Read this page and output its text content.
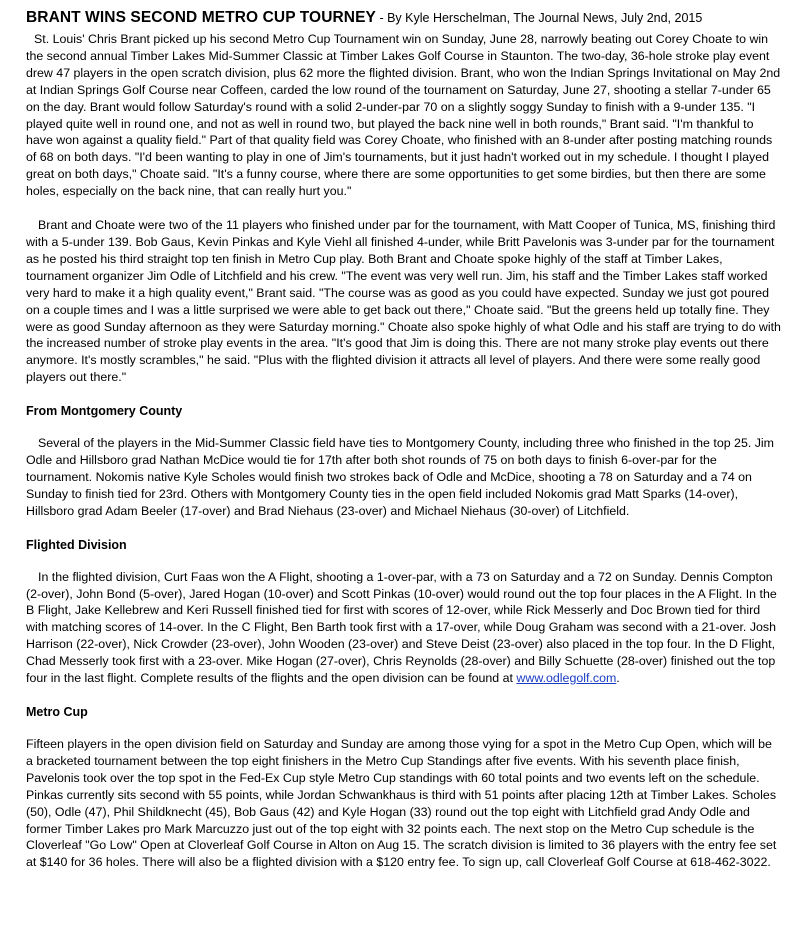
BRANT WINS SECOND METRO CUP TOURNEY - By Kyle Herschelman, The Journal News, July 2nd, 2015

St. Louis' Chris Brant picked up his second Metro Cup Tournament win on Sunday, June 28, narrowly beating out Corey Choate to win the second annual Timber Lakes Mid-Summer Classic at Timber Lakes Golf Course in Staunton. The two-day, 36-hole stroke play event drew 47 players in the open scratch division, plus 62 more the flighted division. Brant, who won the Indian Springs Invitational on May 2nd at Indian Springs Golf Course near Coffeen, carded the low round of the tournament on Saturday, June 27, shooting a stellar 7-under 65 on the day. Brant would follow Saturday's round with a solid 2-under-par 70 on a slightly soggy Sunday to finish with a 9-under 135. "I played quite well in round one, and not as well in round two, but played the back nine well in both rounds," Brant said. "I'm thankful to have won against a quality field." Part of that quality field was Corey Choate, who finished with an 8-under after posting matching rounds of 68 on both days. "I'd been wanting to play in one of Jim's tournaments, but it just hadn't worked out in my schedule. I thought I played great on both days," Choate said. "It's a funny course, where there are some opportunities to get some birdies, but then there are some holes, especially on the back nine, that can really hurt you."

Brant and Choate were two of the 11 players who finished under par for the tournament, with Matt Cooper of Tunica, MS, finishing third with a 5-under 139. Bob Gaus, Kevin Pinkas and Kyle Viehl all finished 4-under, while Britt Pavelonis was 3-under par for the tournament as he posted his third straight top ten finish in Metro Cup play. Both Brant and Choate spoke highly of the staff at Timber Lakes, tournament organizer Jim Odle of Litchfield and his crew. "The event was very well run. Jim, his staff and the Timber Lakes staff worked very hard to make it a high quality event," Brant said. "The course was as good as you could have expected. Sunday we just got poured on a couple times and I was a little surprised we were able to get back out there," Choate said. "But the greens held up totally fine. They were as good Sunday afternoon as they were Saturday morning." Choate also spoke highly of what Odle and his staff are trying to do with the increased number of stroke play events in the area. "It's good that Jim is doing this. There are not many stroke play events out there anymore. It's mostly scrambles," he said. "Plus with the flighted division it attracts all level of players. And there were some really good players out there."

From Montgomery County

Several of the players in the Mid-Summer Classic field have ties to Montgomery County, including three who finished in the top 25. Jim Odle and Hillsboro grad Nathan McDice would tie for 17th after both shot rounds of 75 on both days to finish 6-over-par for the tournament. Nokomis native Kyle Scholes would finish two strokes back of Odle and McDice, shooting a 78 on Saturday and a 74 on Sunday to finish tied for 23rd. Others with Montgomery County ties in the open field included Nokomis grad Matt Sparks (14-over), Hillsboro grad Adam Beeler (17-over) and Brad Niehaus (23-over) and Michael Niehaus (30-over) of Litchfield.

Flighted Division

In the flighted division, Curt Faas won the A Flight, shooting a 1-over-par, with a 73 on Saturday and a 72 on Sunday. Dennis Compton (2-over), John Bond (5-over), Jared Hogan (10-over) and Scott Pinkas (10-over) would round out the top four places in the A Flight. In the B Flight, Jake Kellebrew and Keri Russell finished tied for first with scores of 12-over, while Rick Messerly and Doc Brown tied for third with matching scores of 14-over. In the C Flight, Ben Barth took first with a 17-over, while Doug Graham was second with a 21-over. Josh Harrison (22-over), Nick Crowder (23-over), John Wooden (23-over) and Steve Deist (23-over) also placed in the top four. In the D Flight, Chad Messerly took first with a 23-over. Mike Hogan (27-over), Chris Reynolds (28-over) and Billy Schuette (28-over) finished out the top four in the last flight. Complete results of the flights and the open division can be found at www.odlegolf.com.

Metro Cup

Fifteen players in the open division field on Saturday and Sunday are among those vying for a spot in the Metro Cup Open, which will be a bracketed tournament between the top eight finishers in the Metro Cup Standings after five events. With his seventh place finish, Pavelonis took over the top spot in the Fed-Ex Cup style Metro Cup standings with 60 total points and two events left on the schedule. Pinkas currently sits second with 55 points, while Jordan Schwankhaus is third with 51 points after placing 12th at Timber Lakes. Scholes (50), Odle (47), Phil Shildknecht (45), Bob Gaus (42) and Kyle Hogan (33) round out the top eight with Litchfield grad Andy Odle and former Timber Lakes pro Mark Marcuzzo just out of the top eight with 32 points each. The next stop on the Metro Cup schedule is the Cloverleaf "Go Low" Open at Cloverleaf Golf Course in Alton on Aug 15. The scratch division is limited to 36 players with the entry fee set at $140 for 36 holes. There will also be a flighted division with a $120 entry fee. To sign up, call Cloverleaf Golf Course at 618-462-3022.
